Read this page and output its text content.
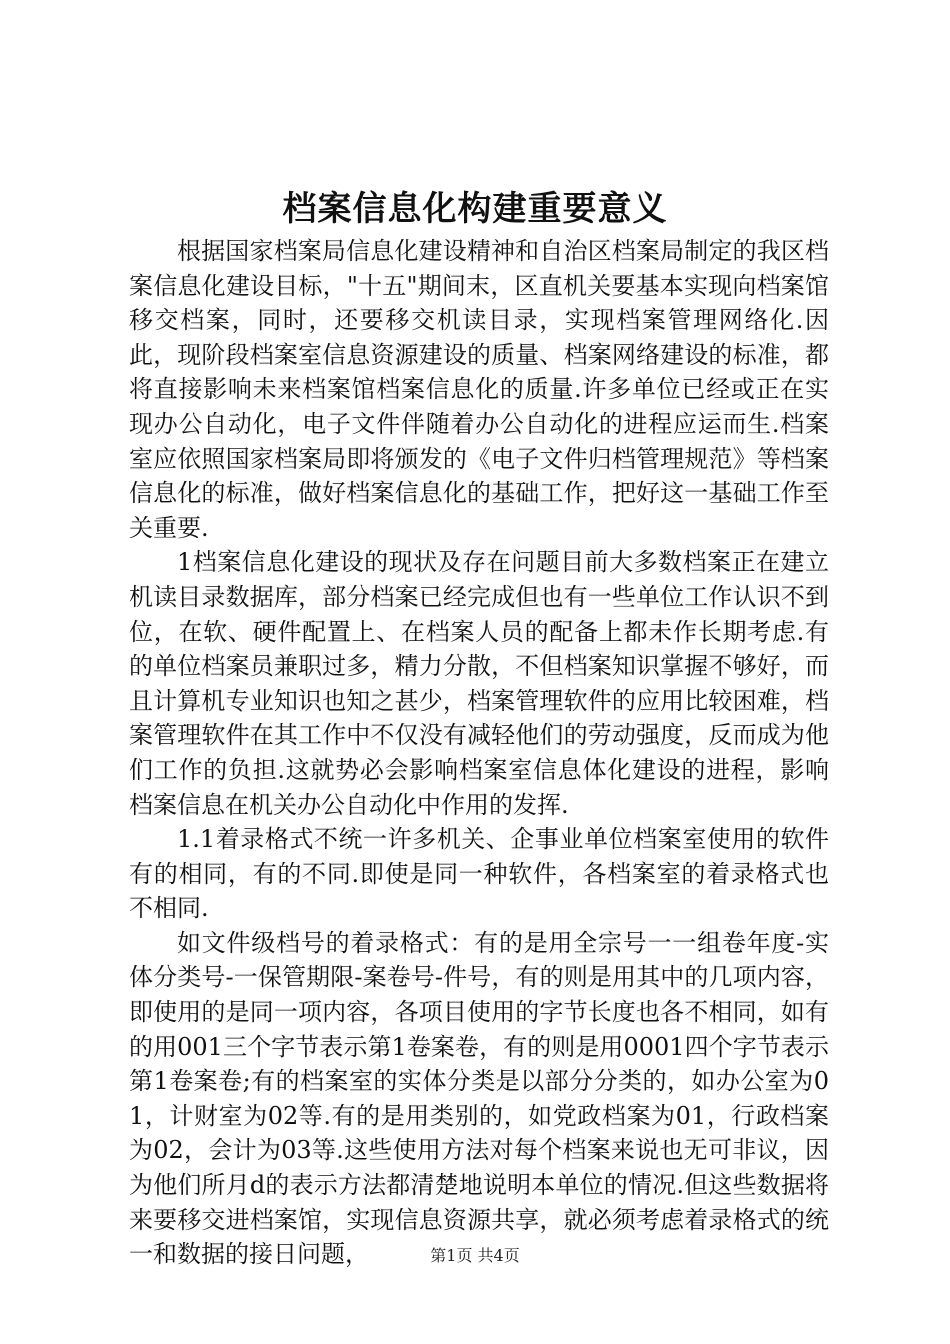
档案信息化构建重要意义

根据国家档案局信息化建设精神和自治区档案局制定的我区档案信息化建设目标，"十五"期间末，区直机关要基本实现向档案馆移交档案，同时，还要移交机读目录，实现档案管理网络化.因此，现阶段档案室信息资源建设的质量、档案网络建设的标准，都将直接影响未来档案馆档案信息化的质量.许多单位已经或正在实现办公自动化，电子文件伴随着办公自动化的进程应运而生.档案室应依照国家档案局即将颁发的《电子文件归档管理规范》等档案信息化的标准，做好档案信息化的基础工作，把好这一基础工作至关重要.

1档案信息化建设的现状及存在问题目前大多数档案正在建立机读目录数据库，部分档案已经完成但也有一些单位工作认识不到位，在软、硬件配置上、在档案人员的配备上都未作长期考虑.有的单位档案员兼职过多，精力分散，不但档案知识掌握不够好，而且计算机专业知识也知之甚少，档案管理软件的应用比较困难，档案管理软件在其工作中不仅没有减轻他们的劳动强度，反而成为他们工作的负担.这就势必会影响档案室信息体化建设的进程，影响档案信息在机关办公自动化中作用的发挥.

1.1着录格式不统一许多机关、企事业单位档案室使用的软件有的相同，有的不同.即使是同一种软件，各档案室的着录格式也不相同.

如文件级档号的着录格式：有的是用全宗号一一组卷年度-实体分类号-一保管期限-案卷号-件号，有的则是用其中的几项内容，即使用的是同一项内容，各项目使用的字节长度也各不相同，如有的用001三个字节表示第1卷案卷，有的则是用0001四个字节表示第1卷案卷;有的档案室的实体分类是以部分分类的，如办公室为01，计财室为02等.有的是用类别的，如党政档案为01，行政档案为02，会计为03等.这些使用方法对每个档案来说也无可非议，因为他们所月d的表示方法都清楚地说明本单位的情况.但这些数据将来要移交进档案馆，实现信息资源共享，就必须考虑着录格式的统一和数据的接日问题，	第1页 共4页
